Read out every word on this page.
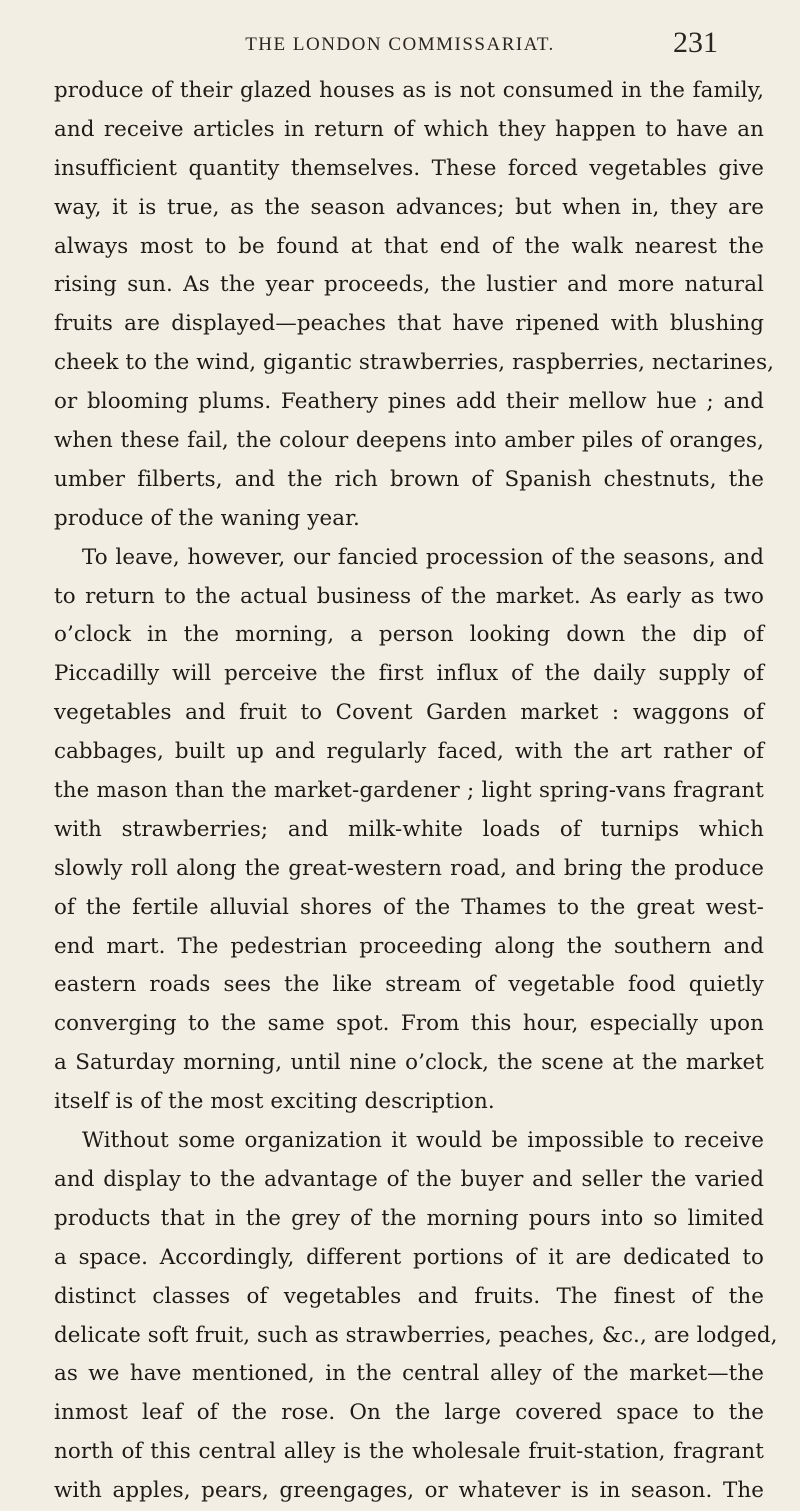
THE LONDON COMMISSARIAT.	231
produce of their glazed houses as is not consumed in the family,
and receive articles in return of which they happen to have an
insufficient quantity themselves. These forced vegetables give
way, it is true, as the season advances; but when in, they are
always most to be found at that end of the walk nearest the
rising sun. As the year proceeds, the lustier and more natural
fruits are displayed—peaches that have ripened with blushing
cheek to the wind, gigantic strawberries, raspberries, nectarines,
or blooming plums. Feathery pines add their mellow hue ; and
when these fail, the colour deepens into amber piles of oranges,
umber filberts, and the rich brown of Spanish chestnuts, the
produce of the waning year.
To leave, however, our fancied procession of the seasons, and
to return to the actual business of the market. As early as two
o’clock in the morning, a person looking down the dip of
Piccadilly will perceive the first influx of the daily supply of
vegetables and fruit to Covent Garden market : waggons of
cabbages, built up and regularly faced, with the art rather of
the mason than the market-gardener ; light spring-vans fragrant
with strawberries; and milk-white loads of turnips which
slowly roll along the great-western road, and bring the produce
of the fertile alluvial shores of the Thames to the great west-
end mart. The pedestrian proceeding along the southern and
eastern roads sees the like stream of vegetable food quietly
converging to the same spot. From this hour, especially upon
a Saturday morning, until nine o’clock, the scene at the market
itself is of the most exciting description.
Without some organization it would be impossible to receive
and display to the advantage of the buyer and seller the varied
products that in the grey of the morning pours into so limited
a space. Accordingly, different portions of it are dedicated to
distinct classes of vegetables and fruits. The finest of the
delicate soft fruit, such as strawberries, peaches, &c., are lodged,
as we have mentioned, in the central alley of the market—the
inmost leaf of the rose. On the large covered space to the
north of this central alley is the wholesale fruit-station, fragrant
with apples, pears, greengages, or whatever is in season. The
